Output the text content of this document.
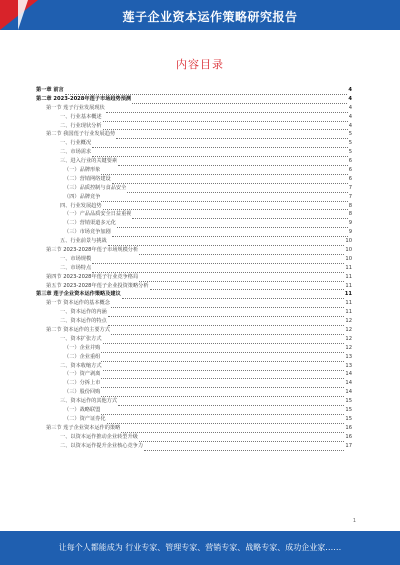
莲子企业资本运作策略研究报告
内容目录
第一章 前言	4
第二章 2023-2028年莲子市场趋势预测	4
第一节 莲子行业发展现状	4
一、行业基本概述	4
二、行业现状分析	4
第二节 我国莲子行业发展趋势	5
一、行业概况	5
二、市场需求	5
三、进入行业的关键要素	6
（一）品牌形象	6
（二）营销网络建设	6
（三）品质控制与食品安全	7
（四）品牌竞争	7
四、行业发展趋势	8
（一）产品品质安全日益重视	8
（二）营销渠道多元化	9
（三）市场竞争加剧	9
五、行业前景与挑战	10
第三节 2023-2028年莲子市场规模分析	10
一、市场规模	10
二、市场特点	11
第四节 2023-2028年莲子行业竞争格局	11
第五节 2023-2028年莲子企业投资策略分析	11
第三章 莲子企业资本运作策略及建议	11
第一节 资本运作的基本概念	11
一、资本运作的内涵	11
二、资本运作的特点	12
第二节 资本运作的主要方式	12
一、资本扩张方式	12
（一）企业并购	12
（二）企业重组	13
二、资本收缩方式	13
（一）资产剥离	14
（二）分拆上市	14
（三）股份回购	14
三、资本运作的其他方式	15
（一）战略联盟	15
（二）资产证券化	15
第三节 莲子企业资本运作的策略	16
一、以资本运作推动企业转型升级	16
二、以资本运作提升企业核心竞争力	17
1
让每个人都能成为 行业专家、管理专家、营销专家、战略专家、成功企业家……
